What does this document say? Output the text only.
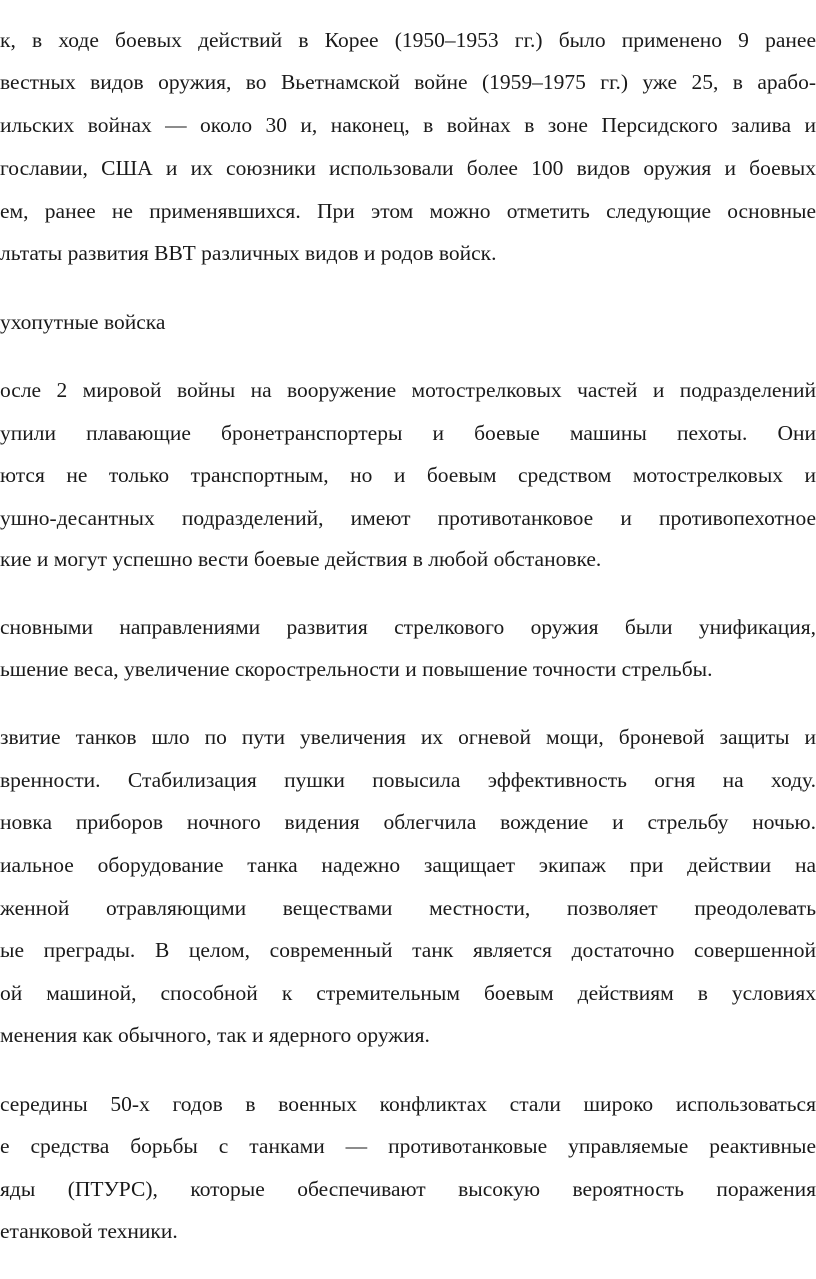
к, в ходе боевых действий в Корее (1950–1953 гг.) было применено 9 ранее
вестных видов оружия, во Вьетнамской войне (1959–1975 гг.) уже 25, в арабо-
ильских войнах — около 30 и, наконец, в войнах в зоне Персидского залива и
гославии, США и их союзники использовали более 100 видов оружия и боевых
ем, ранее не применявшихся. При этом можно отметить следующие основные
льтаты развития ВВТ различных видов и родов войск.
ухопутные войска
осле 2 мировой войны на вооружение мотострелковых частей и подразделений
упили плавающие бронетранспортеры и боевые машины пехоты. Они
ются не только транспортным, но и боевым средством мотострелковых и
ушно-десантных подразделений, имеют противотанковое и противопехотное
кие и могут успешно вести боевые действия в любой обстановке.
сновными направлениями развития стрелкового оружия были унификация,
ьшение веса, увеличение скорострельности и повышение точности стрельбы.
звитие танков шло по пути увеличения их огневой мощи, броневой защиты и
вренности. Стабилизация пушки повысила эффективность огня на ходу.
новка приборов ночного видения облегчила вождение и стрельбу ночью.
иальное оборудование танка надежно защищает экипаж при действии на
женной отравляющими веществами местности, позволяет преодолевать
ые преграды. В целом, современный танк является достаточно совершенной
ой машиной, способной к стремительным боевым действиям в условиях
менения как обычного, так и ядерного оружия.
середины 50-х годов в военных конфликтах стали широко использоваться
е средства борьбы с танками — противотанковые управляемые реактивные
яды (ПТУРС), которые обеспечивают высокую вероятность поражения
етанковой техники.
